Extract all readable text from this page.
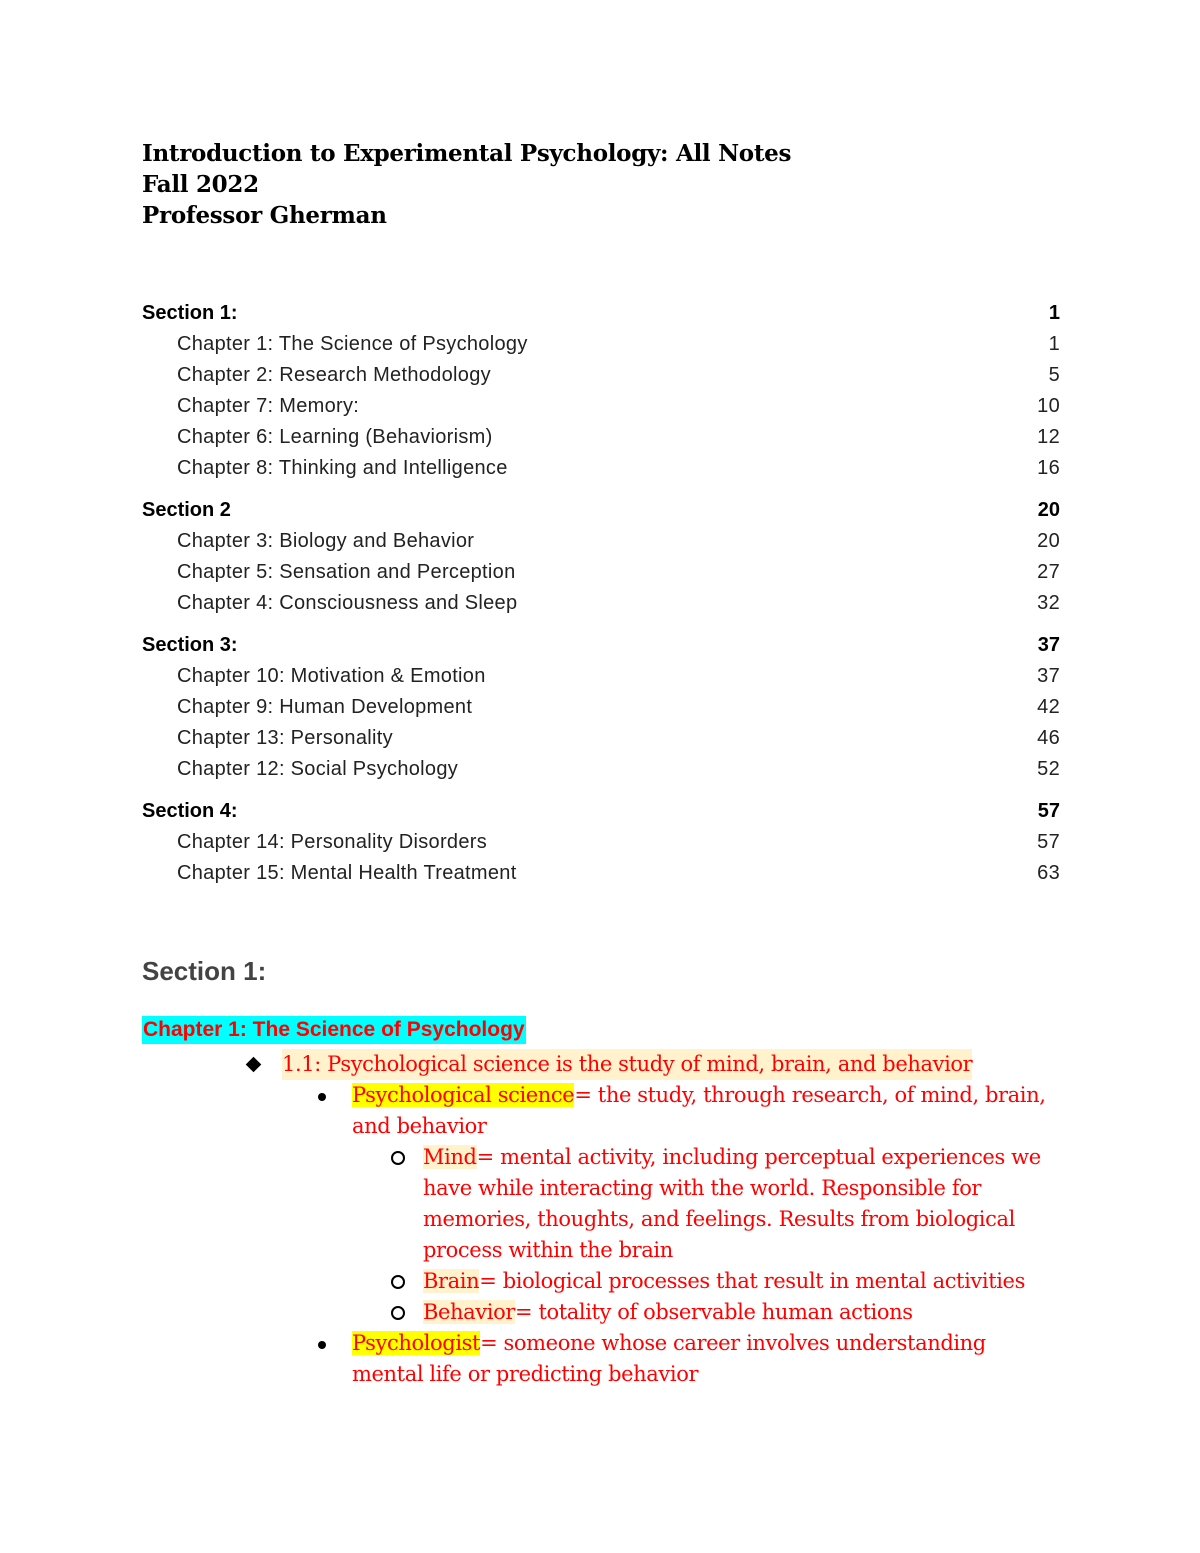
Introduction to Experimental Psychology: All Notes
Fall 2022
Professor Gherman
Section 1:	1
Chapter 1: The Science of Psychology	1
Chapter 2: Research Methodology	5
Chapter 7: Memory:	10
Chapter 6: Learning (Behaviorism)	12
Chapter 8: Thinking and Intelligence	16
Section 2	20
Chapter 3: Biology and Behavior	20
Chapter 5: Sensation and Perception	27
Chapter 4: Consciousness and Sleep	32
Section 3:	37
Chapter 10: Motivation & Emotion	37
Chapter 9: Human Development	42
Chapter 13: Personality	46
Chapter 12: Social Psychology	52
Section 4:	57
Chapter 14: Personality Disorders	57
Chapter 15: Mental Health Treatment	63
Section 1:
Chapter 1: The Science of Psychology
1.1: Psychological science is the study of mind, brain, and behavior
Psychological science= the study, through research, of mind, brain,
and behavior
Mind= mental activity, including perceptual experiences we
have while interacting with the world. Responsible for
memories, thoughts, and feelings. Results from biological
process within the brain
Brain= biological processes that result in mental activities
Behavior= totality of observable human actions
Psychologist= someone whose career involves understanding
mental life or predicting behavior
